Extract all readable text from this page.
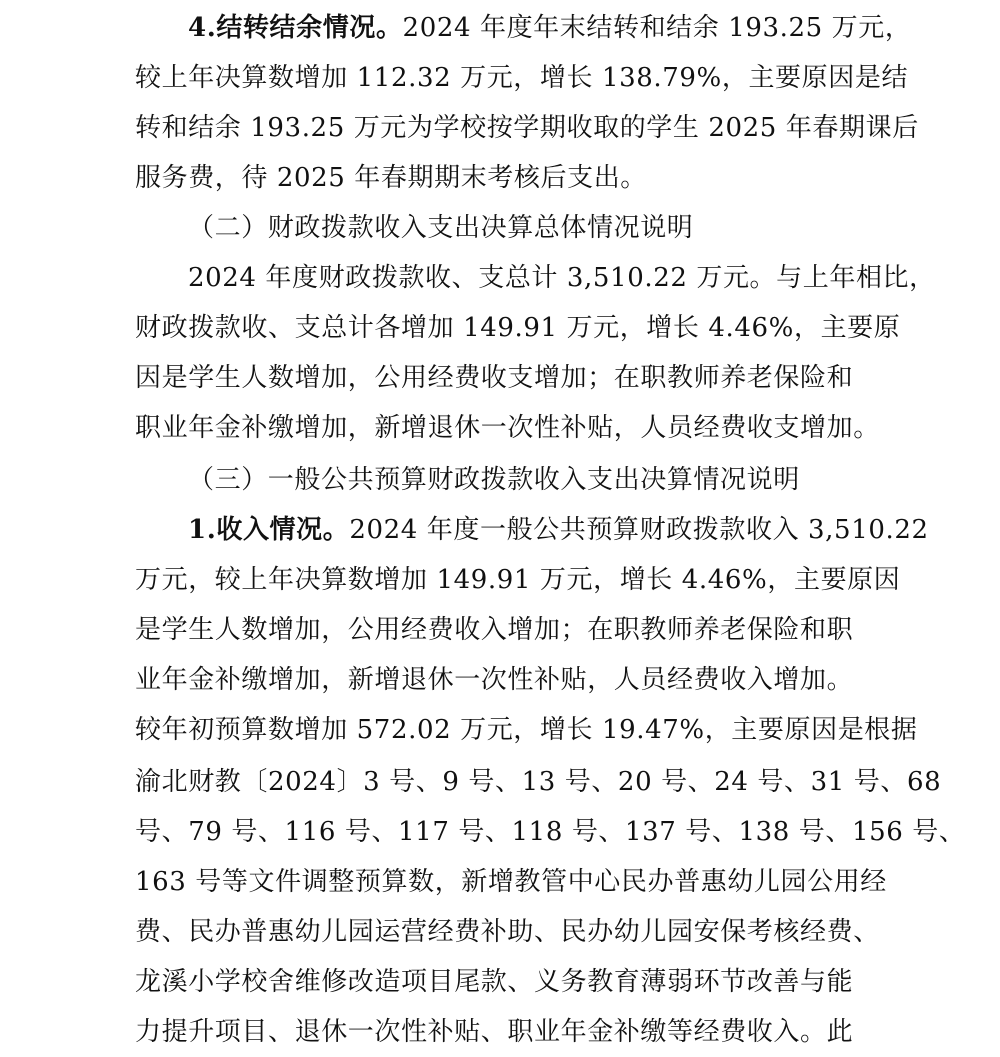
4.结转结余情况。2024 年度年末结转和结余 193.25 万元，
较上年决算数增加 112.32 万元，增长 138.79%，主要原因是结
转和结余 193.25 万元为学校按学期收取的学生 2025 年春期课后
服务费，待 2025 年春期期末考核后支出。
（二）财政拨款收入支出决算总体情况说明
2024 年度财政拨款收、支总计 3,510.22 万元。与上年相比，
财政拨款收、支总计各增加 149.91 万元，增长 4.46%，主要原
因是学生人数增加，公用经费收支增加；在职教师养老保险和
职业年金补缴增加，新增退休一次性补贴，人员经费收支增加。
（三）一般公共预算财政拨款收入支出决算情况说明
1.收入情况。2024 年度一般公共预算财政拨款收入 3,510.22
万元，较上年决算数增加 149.91 万元，增长 4.46%，主要原因
是学生人数增加，公用经费收入增加；在职教师养老保险和职
业年金补缴增加，新增退休一次性补贴，人员经费收入增加。
较年初预算数增加 572.02 万元，增长 19.47%，主要原因是根据
渝北财教〔2024〕3 号、9 号、13 号、20 号、24 号、31 号、68
号、79 号、116 号、117 号、118 号、137 号、138 号、156 号、
163 号等文件调整预算数，新增教管中心民办普惠幼儿园公用经
费、民办普惠幼儿园运营经费补助、民办幼儿园安保考核经费、
龙溪小学校舍维修改造项目尾款、义务教育薄弱环节改善与能
力提升项目、退休一次性补贴、职业年金补缴等经费收入。此
